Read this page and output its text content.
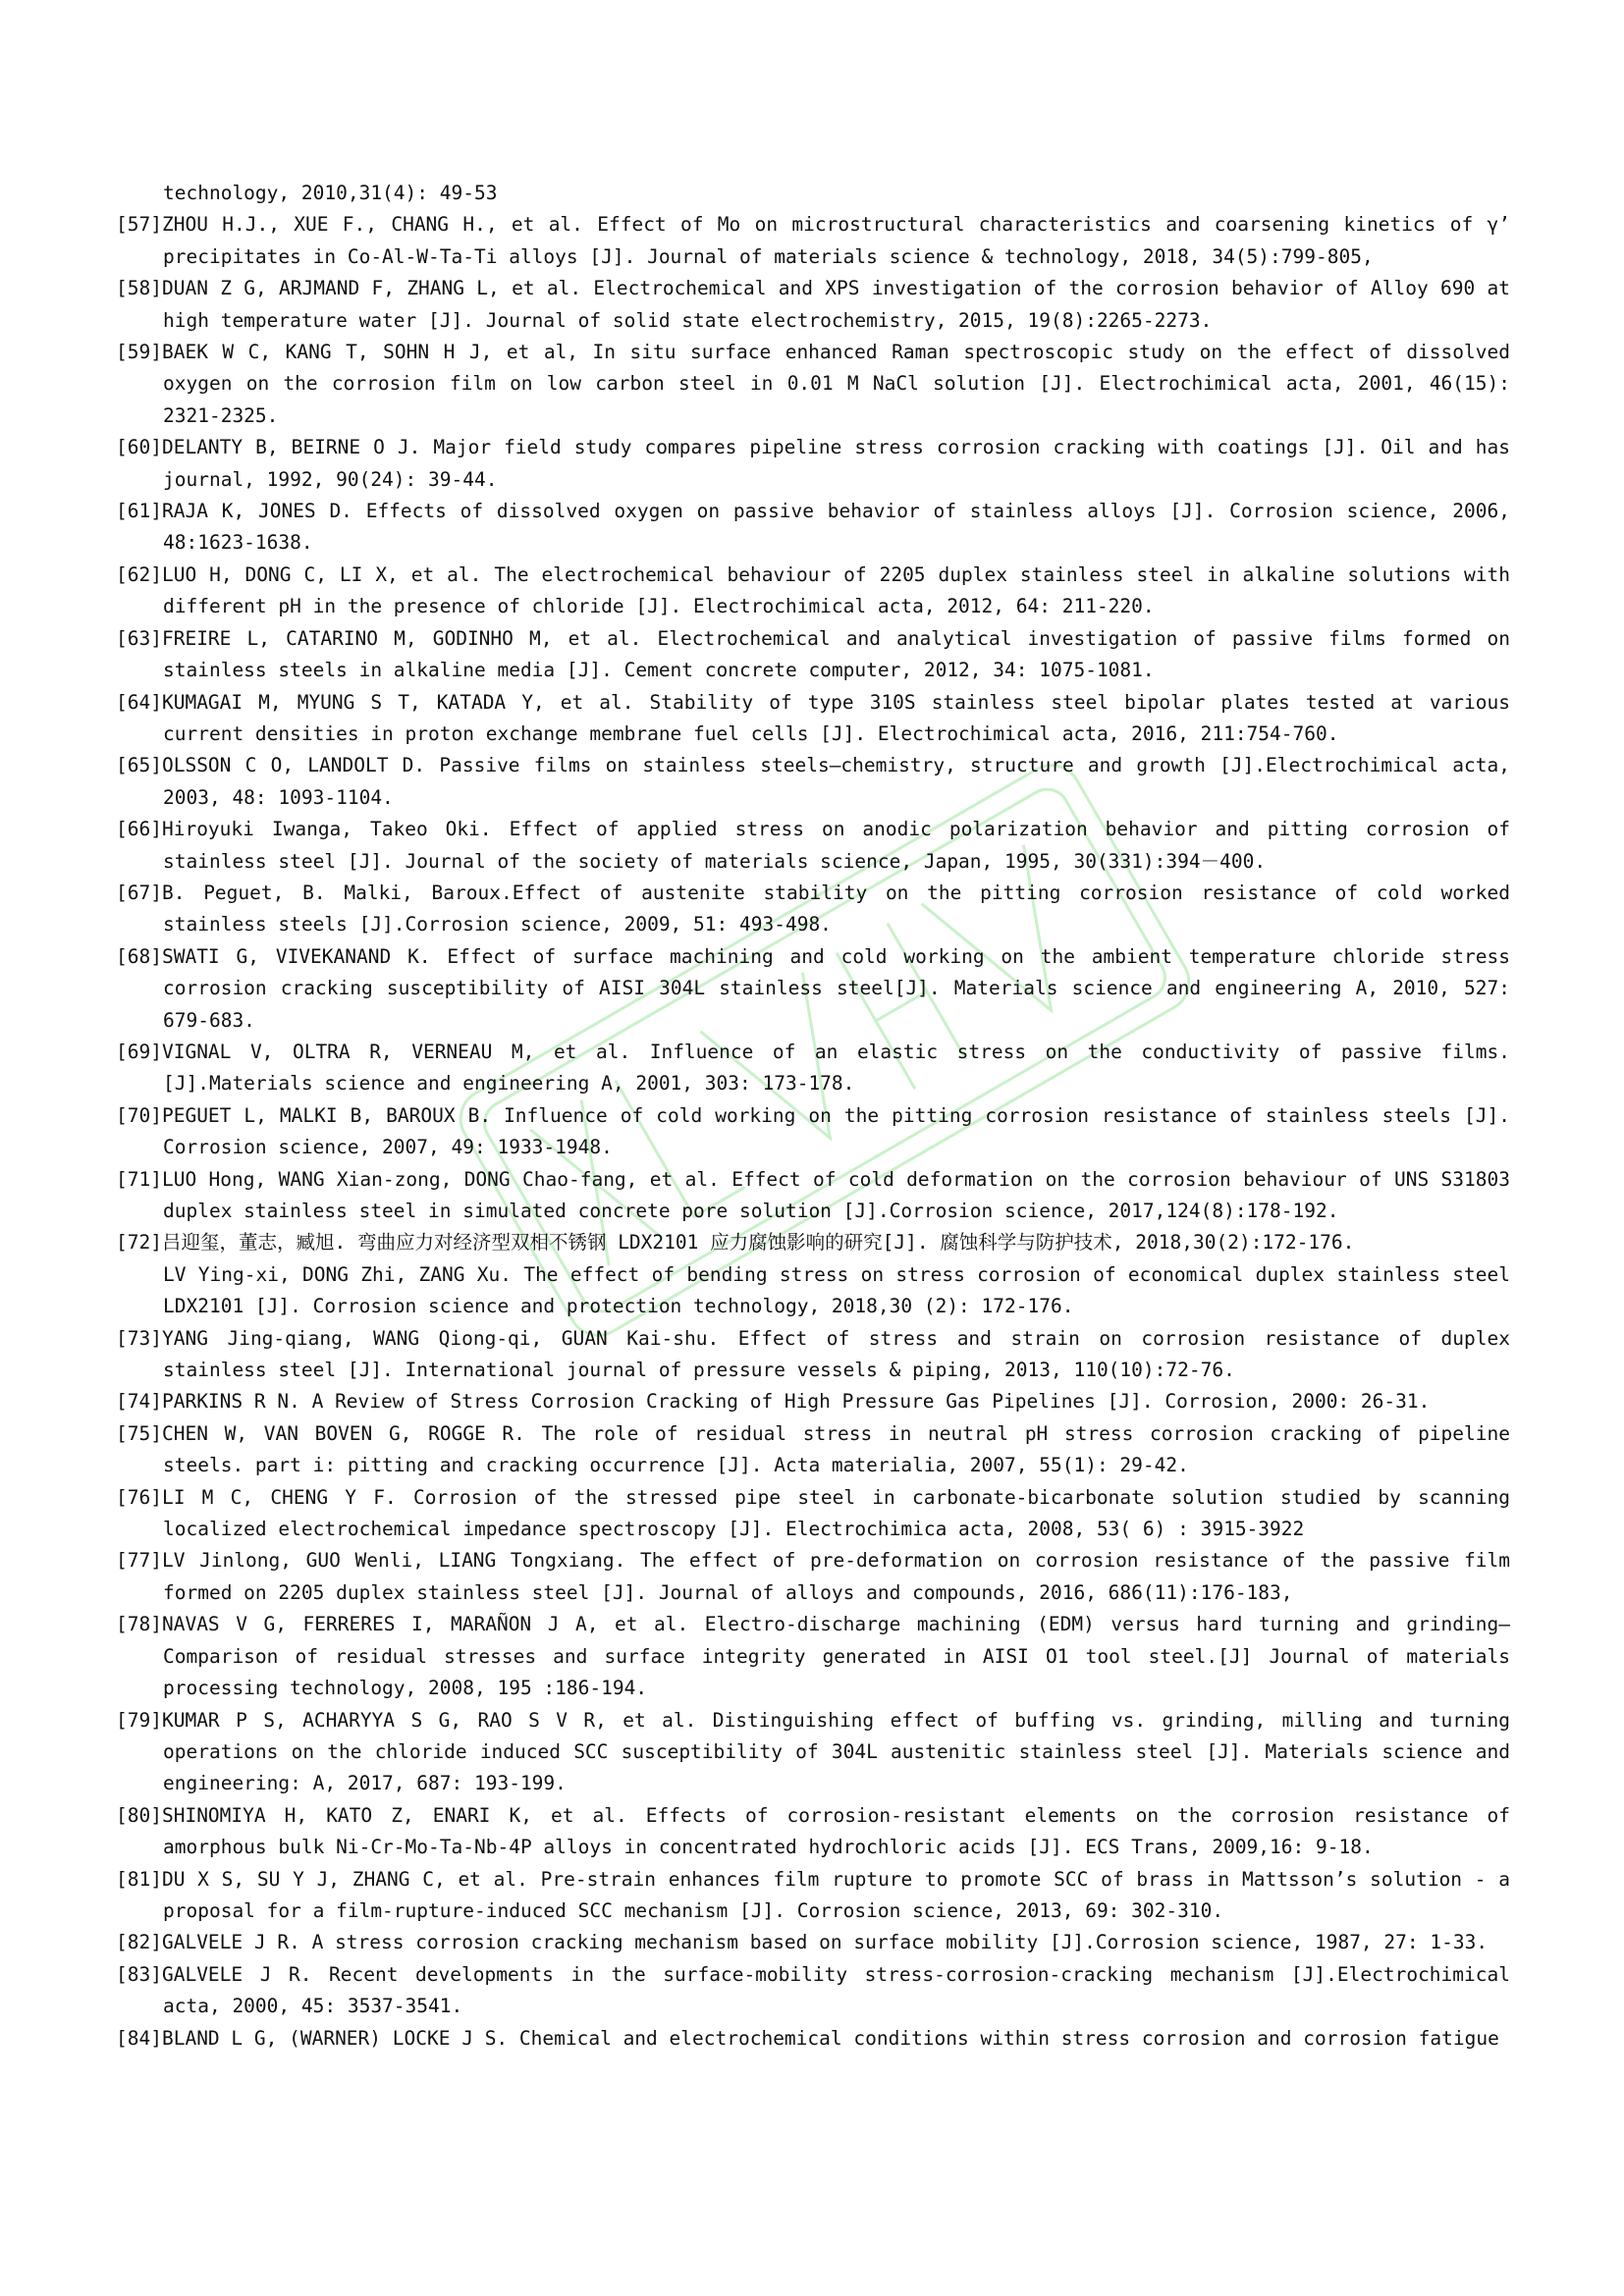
technology, 2010,31(4): 49-53

[57]ZHOU H.J., XUE F., CHANG H., et al. Effect of Mo on microstructural characteristics and coarsening kinetics of γ’ precipitates in Co-Al-W-Ta-Ti alloys [J]. Journal of materials science & technology, 2018, 34(5):799-805,

[58]DUAN Z G, ARJMAND F, ZHANG L, et al. Electrochemical and XPS investigation of the corrosion behavior of Alloy 690 at high temperature water [J]. Journal of solid state electrochemistry, 2015, 19(8):2265-2273.

[59]BAEK W C, KANG T, SOHN H J, et al, In situ surface enhanced Raman spectroscopic study on the effect of dissolved oxygen on the corrosion film on low carbon steel in 0.01 M NaCl solution [J]. Electrochimical acta, 2001, 46(15): 2321-2325.

[60]DELANTY B, BEIRNE O J. Major field study compares pipeline stress corrosion cracking with coatings [J]. Oil and has journal, 1992, 90(24): 39-44.

[61]RAJA K, JONES D. Effects of dissolved oxygen on passive behavior of stainless alloys [J]. Corrosion science, 2006, 48:1623-1638.

[62]LUO H, DONG C, LI X, et al. The electrochemical behaviour of 2205 duplex stainless steel in alkaline solutions with different pH in the presence of chloride [J]. Electrochimical acta, 2012, 64: 211-220.

[63]FREIRE L, CATARINO M, GODINHO M, et al. Electrochemical and analytical investigation of passive films formed on stainless steels in alkaline media [J]. Cement concrete computer, 2012, 34: 1075-1081.

[64]KUMAGAI M, MYUNG S T, KATADA Y, et al. Stability of type 310S stainless steel bipolar plates tested at various current densities in proton exchange membrane fuel cells [J]. Electrochimical acta, 2016, 211:754-760.

[65]OLSSON C O, LANDOLT D. Passive films on stainless steels—chemistry, structure and growth [J].Electrochimical acta, 2003, 48: 1093-1104.

[66]Hiroyuki Iwanga, Takeo Oki. Effect of applied stress on anodic polarization behavior and pitting corrosion of stainless steel [J]. Journal of the society of materials science, Japan, 1995, 30(331):394－400.

[67]B. Peguet, B. Malki, Baroux.Effect of austenite stability on the pitting corrosion resistance of cold worked stainless steels [J].Corrosion science, 2009, 51: 493-498.

[68]SWATI G, VIVEKANAND K. Effect of surface machining and cold working on the ambient temperature chloride stress corrosion cracking susceptibility of AISI 304L stainless steel[J]. Materials science and engineering A, 2010, 527: 679-683.

[69]VIGNAL V, OLTRA R, VERNEAU M, et al. Influence of an elastic stress on the conductivity of passive films.[J].Materials science and engineering A, 2001, 303: 173-178.

[70]PEGUET L, MALKI B, BAROUX B. Influence of cold working on the pitting corrosion resistance of stainless steels [J]. Corrosion science, 2007, 49: 1933-1948.

[71]LUO Hong, WANG Xian-zong, DONG Chao-fang, et al. Effect of cold deformation on the corrosion behaviour of UNS S31803 duplex stainless steel in simulated concrete pore solution [J].Corrosion science, 2017,124(8):178-192.

[72]吕迎玺，董志，臧旭. 弯曲应力对经济型双相不锈钢 LDX2101 应力腐蚀影响的研究[J]. 腐蚀科学与防护技术, 2018,30(2):172-176.

LV Ying-xi, DONG Zhi, ZANG Xu. The effect of bending stress on stress corrosion of economical duplex stainless steel LDX2101 [J]. Corrosion science and protection technology, 2018,30 (2): 172-176.

[73]YANG Jing-qiang, WANG Qiong-qi, GUAN Kai-shu. Effect of stress and strain on corrosion resistance of duplex stainless steel [J]. International journal of pressure vessels & piping, 2013, 110(10):72-76.

[74]PARKINS R N. A Review of Stress Corrosion Cracking of High Pressure Gas Pipelines [J]. Corrosion, 2000: 26-31.

[75]CHEN W, VAN BOVEN G, ROGGE R. The role of residual stress in neutral pH stress corrosion cracking of pipeline steels. part i: pitting and cracking occurrence [J]. Acta materialia, 2007, 55(1): 29-42.

[76]LI M C, CHENG Y F. Corrosion of the stressed pipe steel in carbonate-bicarbonate solution studied by scanning localized electrochemical impedance spectroscopy [J]. Electrochimica acta, 2008, 53( 6) : 3915-3922

[77]LV Jinlong, GUO Wenli, LIANG Tongxiang. The effect of pre-deformation on corrosion resistance of the passive film formed on 2205 duplex stainless steel [J]. Journal of alloys and compounds, 2016, 686(11):176-183,

[78]NAVAS V G, FERRERES I, MARAÑON J A, et al. Electro-discharge machining (EDM) versus hard turning and grinding—Comparison of residual stresses and surface integrity generated in AISI O1 tool steel.[J] Journal of materials processing technology, 2008, 195 :186-194.

[79]KUMAR P S, ACHARYYA S G, RAO S V R, et al. Distinguishing effect of buffing vs. grinding, milling and turning operations on the chloride induced SCC susceptibility of 304L austenitic stainless steel [J]. Materials science and engineering: A, 2017, 687: 193-199.

[80]SHINOMIYA H, KATO Z, ENARI K, et al. Effects of corrosion-resistant elements on the corrosion resistance of amorphous bulk Ni-Cr-Mo-Ta-Nb-4P alloys in concentrated hydrochloric acids [J]. ECS Trans, 2009,16: 9-18.

[81]DU X S, SU Y J, ZHANG C, et al. Pre-strain enhances film rupture to promote SCC of brass in Mattsson’s solution - a proposal for a film-rupture-induced SCC mechanism [J]. Corrosion science, 2013, 69: 302-310.

[82]GALVELE J R. A stress corrosion cracking mechanism based on surface mobility [J].Corrosion science, 1987, 27: 1-33.

[83]GALVELE J R. Recent developments in the surface-mobility stress-corrosion-cracking mechanism [J].Electrochimical acta, 2000, 45: 3537-3541.

[84]BLAND L G, (WARNER) LOCKE J S. Chemical and electrochemical conditions within stress corrosion and corrosion fatigue
